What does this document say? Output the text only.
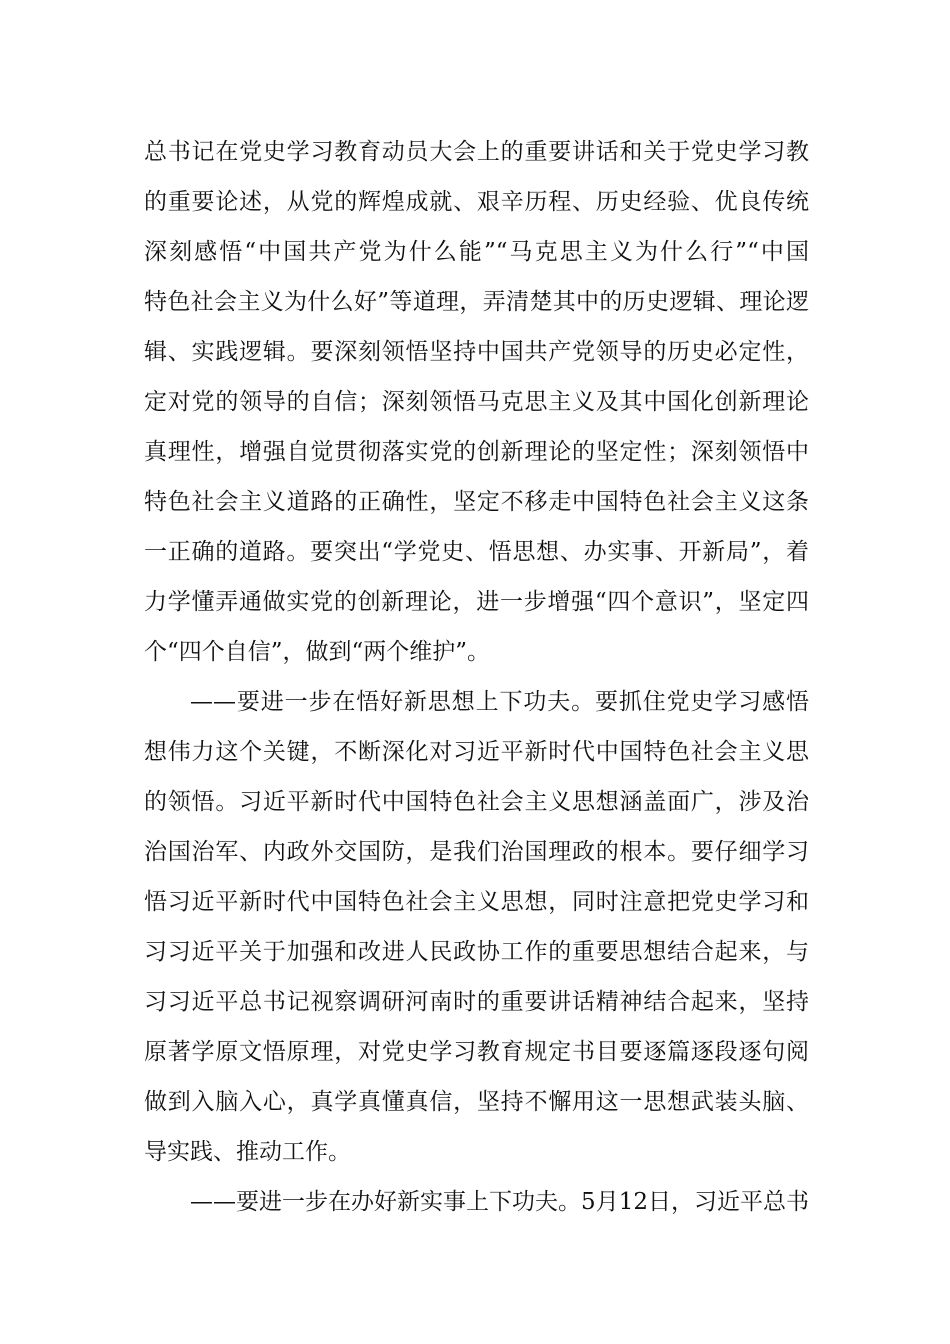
总书记在党史学习教育动员大会上的重要讲话和关于党史学习教
的重要论述，从党的辉煌成就、艰辛历程、历史经验、优良传统
深刻感悟“中国共产党为什么能”“马克思主义为什么行”“中国
特色社会主义为什么好”等道理，弄清楚其中的历史逻辑、理论逻
辑、实践逻辑。要深刻领悟坚持中国共产党领导的历史必定性，
定对党的领导的自信；深刻领悟马克思主义及其中国化创新理论
真理性，增强自觉贯彻落实党的创新理论的坚定性；深刻领悟中
特色社会主义道路的正确性，坚定不移走中国特色社会主义这条
一正确的道路。要突出“学党史、悟思想、办实事、开新局”，着
力学懂弄通做实党的创新理论，进一步增强“四个意识”，坚定四
个“四个自信”，做到“两个维护”。
——要进一步在悟好新思想上下功夫。要抓住党史学习感悟
想伟力这个关键，不断深化对习近平新时代中国特色社会主义思
的领悟。习近平新时代中国特色社会主义思想涵盖面广，涉及治
治国治军、内政外交国防，是我们治国理政的根本。要仔细学习
悟习近平新时代中国特色社会主义思想，同时注意把党史学习和
习习近平关于加强和改进人民政协工作的重要思想结合起来，与
习习近平总书记视察调研河南时的重要讲话精神结合起来，坚持
原著学原文悟原理，对党史学习教育规定书目要逐篇逐段逐句阅
做到入脑入心，真学真懂真信，坚持不懈用这一思想武装头脑、
导实践、推动工作。
——要进一步在办好新实事上下功夫。5月12日，习近平总书
